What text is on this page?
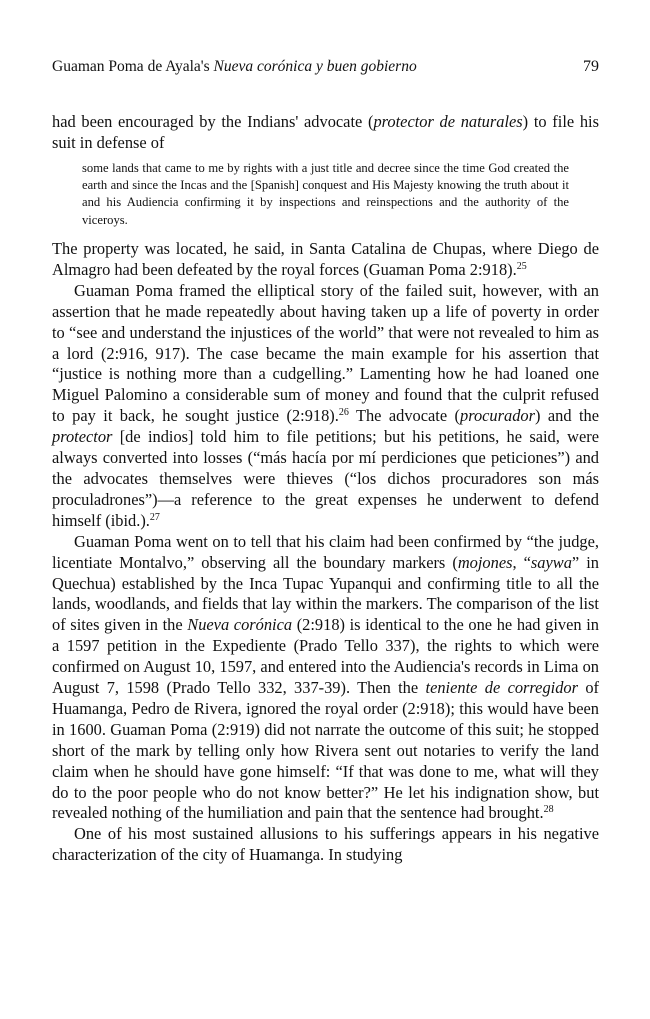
Guaman Poma de Ayala's Nueva corónica y buen gobierno	79

had been encouraged by the Indians' advocate (protector de naturales) to file his suit in defense of

some lands that came to me by rights with a just title and decree since the time God created the earth and since the Incas and the [Spanish] conquest and His Majesty knowing the truth about it and his Audiencia confirming it by inspections and reinspections and the authority of the viceroys.

The property was located, he said, in Santa Catalina de Chupas, where Diego de Almagro had been defeated by the royal forces (Guaman Poma 2:918).$^{25}$

Guaman Poma framed the elliptical story of the failed suit, however, with an assertion that he made repeatedly about having taken up a life of poverty in order to “see and understand the injustices of the world” that were not revealed to him as a lord (2:916, 917). The case became the main example for his assertion that “justice is nothing more than a cudgelling.” Lamenting how he had loaned one Miguel Palomino a considerable sum of money and found that the culprit refused to pay it back, he sought justice (2:918).$^{26}$ The advocate (procurador) and the protector [de indios] told him to file petitions; but his petitions, he said, were always converted into losses (“más hacía por mí perdiciones que peticiones”) and the advocates themselves were thieves (“los dichos procuradores son más proculadrones”)—a reference to the great expenses he underwent to defend himself (ibid.).$^{27}$

Guaman Poma went on to tell that his claim had been confirmed by “the judge, licentiate Montalvo,” observing all the boundary markers (mojones, “saywa” in Quechua) established by the Inca Tupac Yupanqui and confirming title to all the lands, woodlands, and fields that lay within the markers. The comparison of the list of sites given in the Nueva corónica (2:918) is identical to the one he had given in a 1597 petition in the Expediente (Prado Tello 337), the rights to which were confirmed on August 10, 1597, and entered into the Audiencia's records in Lima on August 7, 1598 (Prado Tello 332, 337-39). Then the teniente de corregidor of Huamanga, Pedro de Rivera, ignored the royal order (2:918); this would have been in 1600. Guaman Poma (2:919) did not narrate the outcome of this suit; he stopped short of the mark by telling only how Rivera sent out notaries to verify the land claim when he should have gone himself: “If that was done to me, what will they do to the poor people who do not know better?” He let his indignation show, but revealed nothing of the humiliation and pain that the sentence had brought.$^{28}$

One of his most sustained allusions to his sufferings appears in his negative characterization of the city of Huamanga. In studying
